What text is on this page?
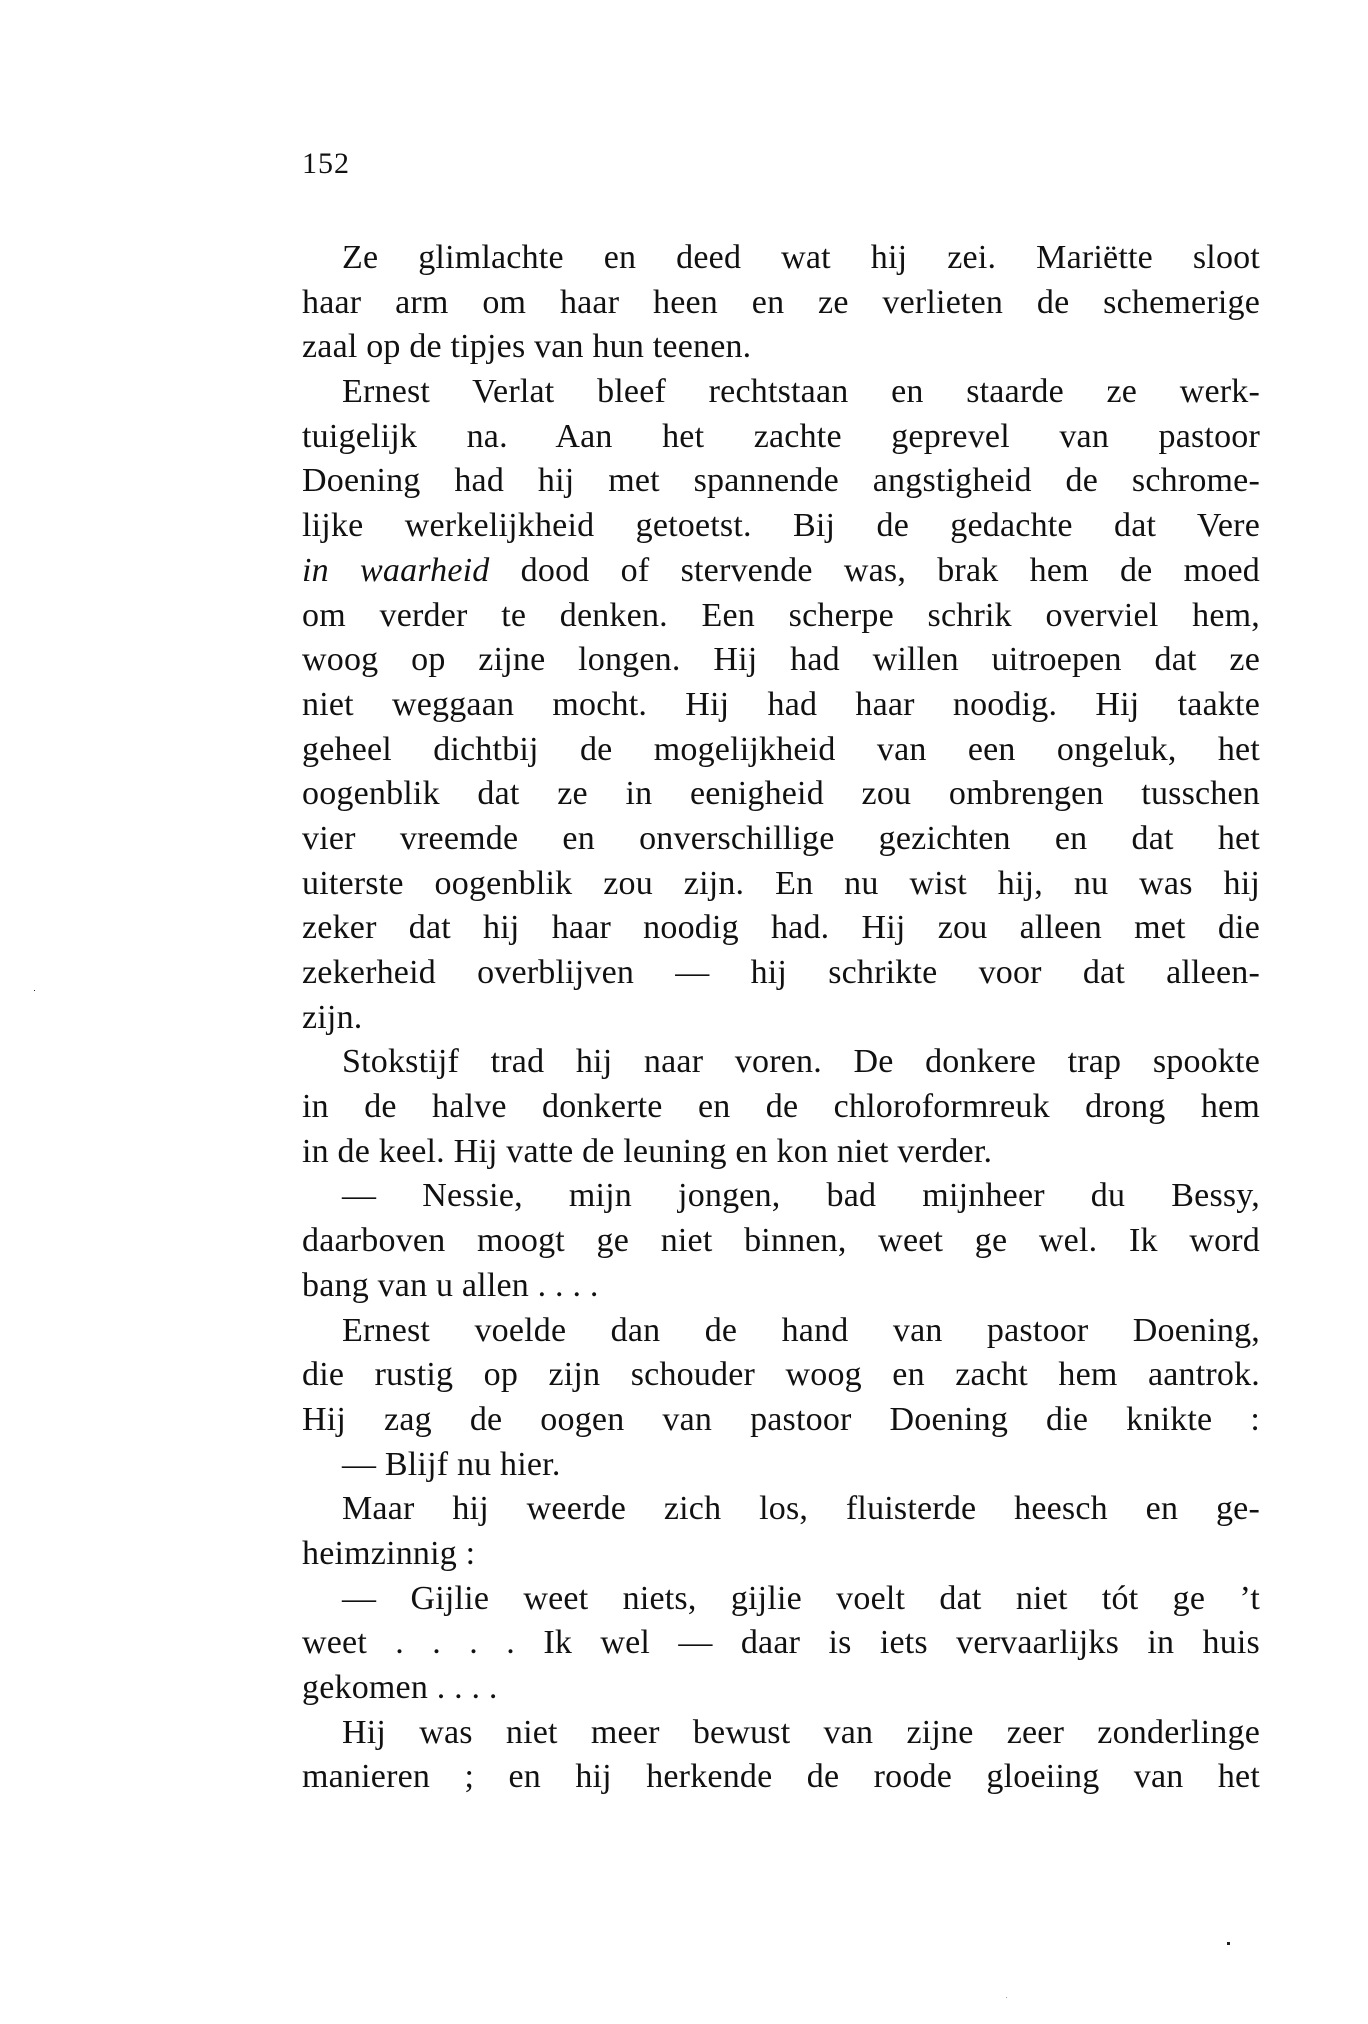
152
Ze glimlachte en deed wat hij zei. Mariëtte sloot
haar arm om haar heen en ze verlieten de schemerige
zaal op de tipjes van hun teenen.
Ernest Verlat bleef rechtstaan en staarde ze werk-
tuigelijk na. Aan het zachte geprevel van pastoor
Doening had hij met spannende angstigheid de schrome-
lijke werkelijkheid getoetst. Bij de gedachte dat Vere
in waarheid dood of stervende was, brak hem de moed
om verder te denken. Een scherpe schrik overviel hem,
woog op zijne longen. Hij had willen uitroepen dat ze
niet weggaan mocht. Hij had haar noodig. Hij taakte
geheel dichtbij de mogelijkheid van een ongeluk, het
oogenblik dat ze in eenigheid zou ombrengen tusschen
vier vreemde en onverschillige gezichten en dat het
uiterste oogenblik zou zijn. En nu wist hij, nu was hij
zeker dat hij haar noodig had. Hij zou alleen met die
zekerheid overblijven — hij schrikte voor dat alleen-
zijn.
Stokstijf trad hij naar voren. De donkere trap spookte
in de halve donkerte en de chloroformreuk drong hem
in de keel. Hij vatte de leuning en kon niet verder.
— Nessie, mijn jongen, bad mijnheer du Bessy,
daarboven moogt ge niet binnen, weet ge wel. Ik word
bang van u allen . . . .
Ernest voelde dan de hand van pastoor Doening,
die rustig op zijn schouder woog en zacht hem aantrok.
Hij zag de oogen van pastoor Doening die knikte :
— Blijf nu hier.
Maar hij weerde zich los, fluisterde heesch en ge-
heimzinnig :
— Gijlie weet niets, gijlie voelt dat niet tót ge ’t
weet . . . . Ik wel — daar is iets vervaarlijks in huis
gekomen . . . .
Hij was niet meer bewust van zijne zeer zonderlinge
manieren ; en hij herkende de roode gloeiing van het
